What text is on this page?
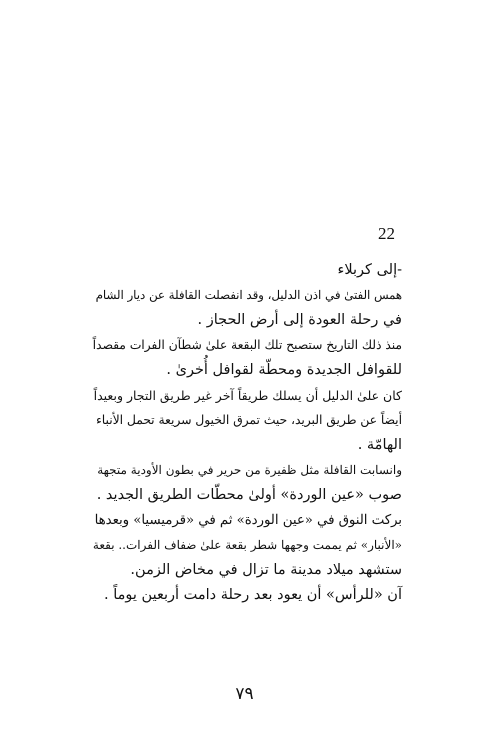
22
-إلى كربلاء
همس الفتىٰ في اذن الدليل، وقد انفصلت القافلة عن ديار الشام
في رحلة العودة إلى أرض الحجاز .
منذ ذلك التاريخ ستصبح تلك البقعة علىٰ شطآن الفرات مقصداً
للقوافل الجديدة ومحطّة لقوافل أُخرىٰ .
كان علىٰ الدليل أن يسلك طريقاً آخر غير طريق التجار وبعيداً
أيضاً عن طريق البريد، حيث تمرق الخيول سريعة تحمل الأنباء
الهامّة .
وانسابت القافلة مثل ظفيرة من حرير في بطون الأودية متجهة
صوب «عين الوردة» أولىٰ محطّات الطريق الجديد .
بركت النوق في «عين الوردة» ثم في «قرميسيا» وبعدها
«الأنبار» ثم يممت وجهها شطر بقعة علىٰ ضفاف الفرات.. بقعة
ستشهد ميلاد مدينة ما تزال في مخاض الزمن.
آن «للرأس» أن يعود بعد رحلة دامت أربعين يوماً .
٧٩
